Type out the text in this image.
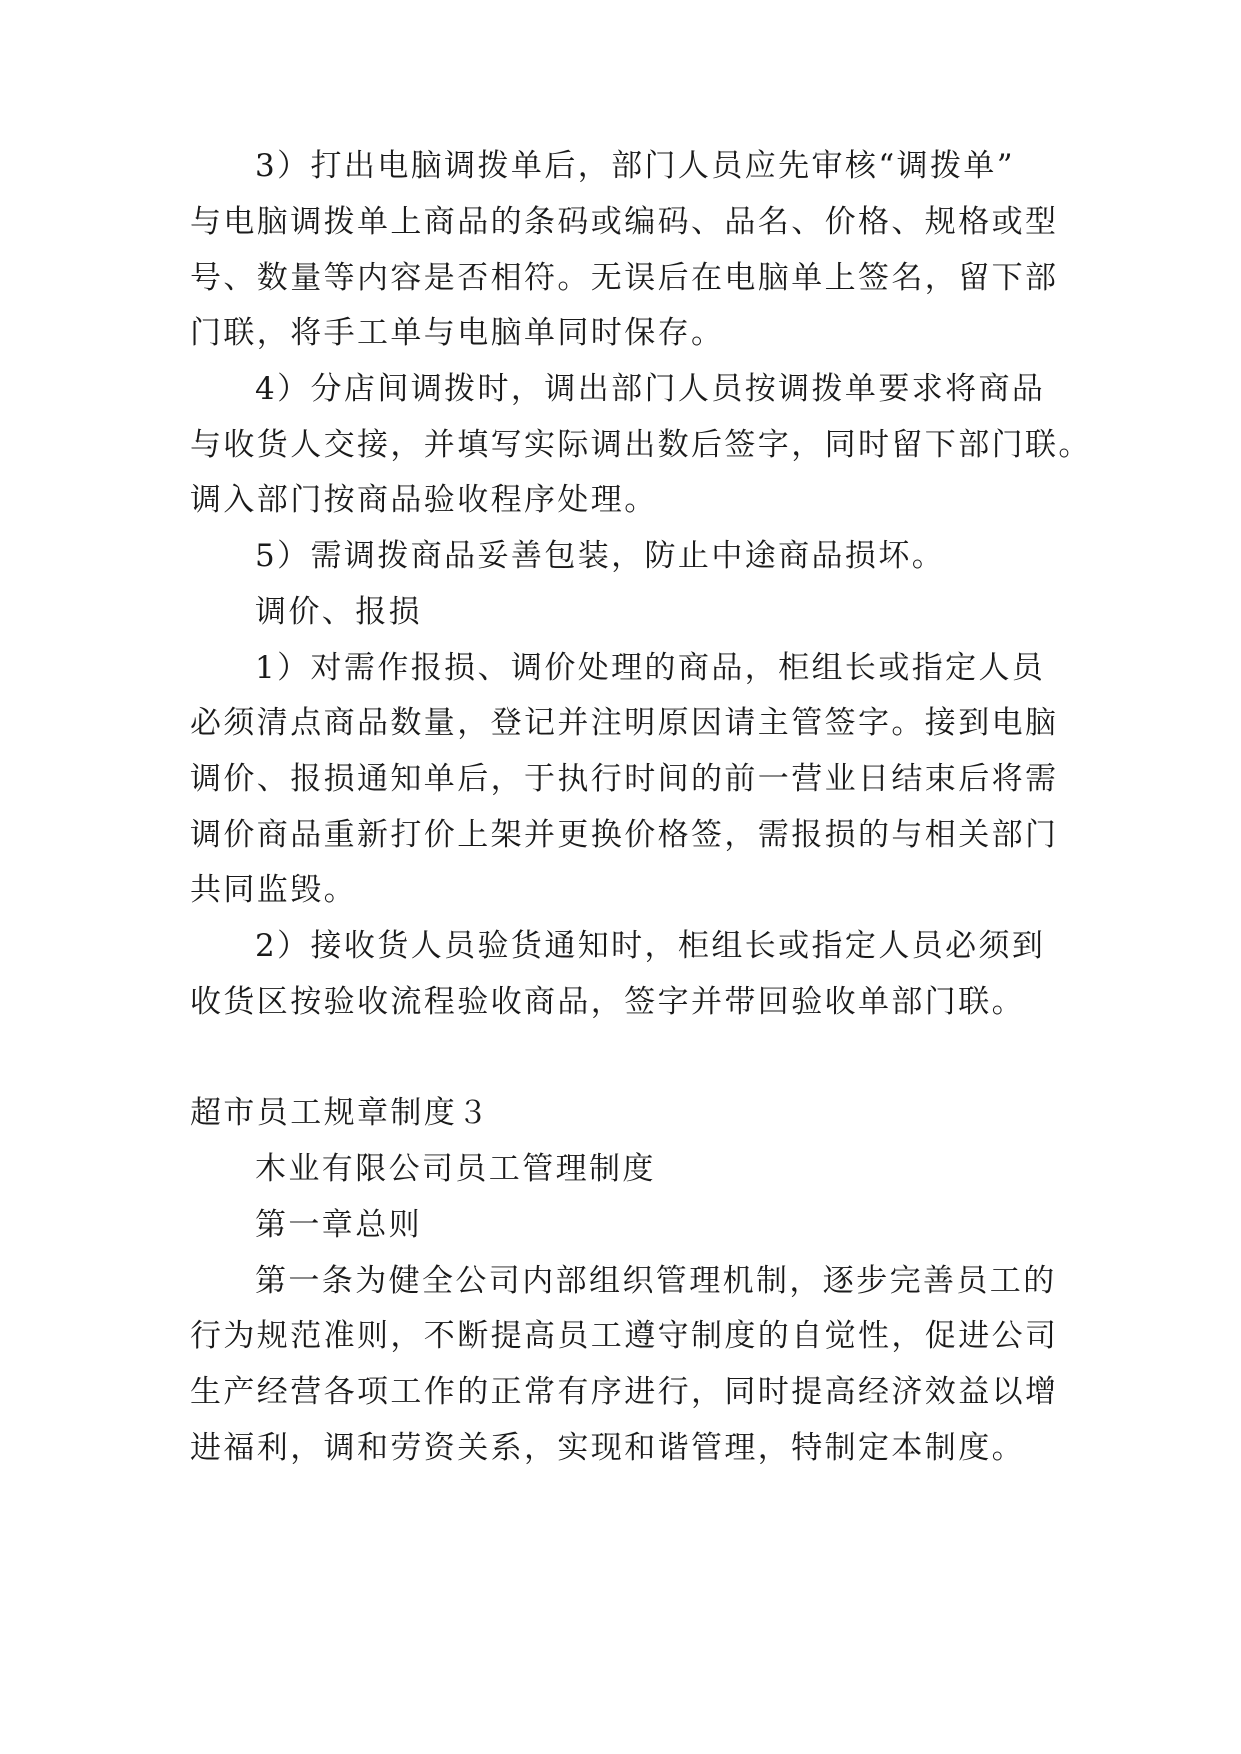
3）打出电脑调拨单后，部门人员应先审核“调拨单”
与电脑调拨单上商品的条码或编码、品名、价格、规格或型
号、数量等内容是否相符。无误后在电脑单上签名，留下部
门联，将手工单与电脑单同时保存。
4）分店间调拨时，调出部门人员按调拨单要求将商品
与收货人交接，并填写实际调出数后签字，同时留下部门联。
调入部门按商品验收程序处理。
5）需调拨商品妥善包装，防止中途商品损坏。
调价、报损
1）对需作报损、调价处理的商品，柜组长或指定人员
必须清点商品数量，登记并注明原因请主管签字。接到电脑
调价、报损通知单后，于执行时间的前一营业日结束后将需
调价商品重新打价上架并更换价格签，需报损的与相关部门
共同监毁。
2）接收货人员验货通知时，柜组长或指定人员必须到
收货区按验收流程验收商品，签字并带回验收单部门联。
超市员工规章制度３
木业有限公司员工管理制度
第一章总则
第一条为健全公司内部组织管理机制，逐步完善员工的
行为规范准则，不断提高员工遵守制度的自觉性，促进公司
生产经营各项工作的正常有序进行，同时提高经济效益以增
进福利，调和劳资关系，实现和谐管理，特制定本制度。
